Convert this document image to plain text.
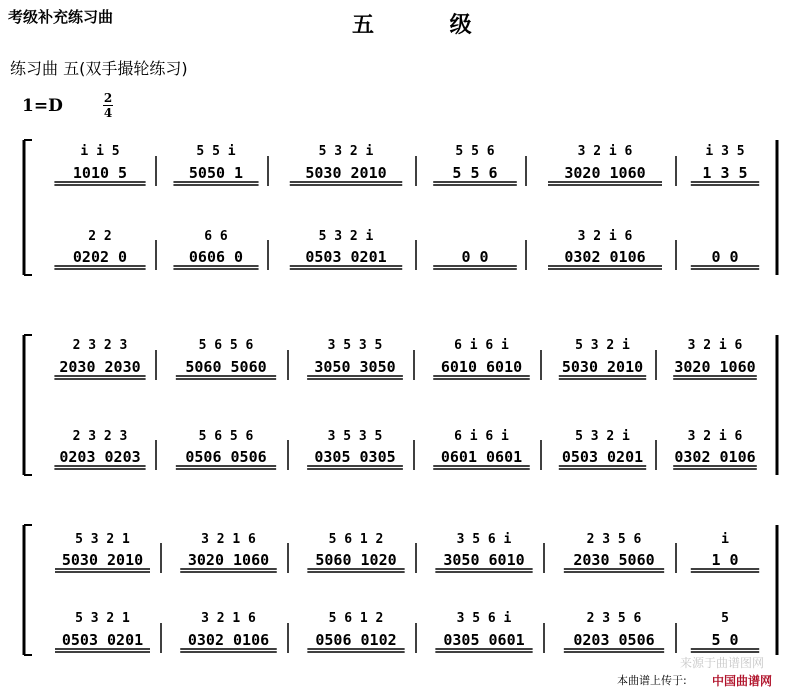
考级补充练习曲	五 级
练习曲 五(双手撮轮练习)
1=D	2
4
i i 5
1010 5
2 2
0202 0
5 5 i
5050 1
6 6
0606 0
5 3 2 i
5030 2010
5 3 2 i
0503 0201
5 5 6
5 5 6
0 0
3 2 i 6
3020 1060
3 2 i 6
0302 0106
i 3 5
1 3 5
0 0
2 3 2 3
2030 2030
2 3 2 3
0203 0203
5 6 5 6
5060 5060
5 6 5 6
0506 0506
3 5 3 5
3050 3050
3 5 3 5
0305 0305
6 i 6 i
6010 6010
6 i 6 i
0601 0601
5 3 2 i
5030 2010
5 3 2 i
0503 0201
3 2 i 6
3020 1060
3 2 i 6
0302 0106
5 3 2 1
5030 2010
5 3 2 1
0503 0201
3 2 1 6
3020 1060
3 2 1 6
0302 0106
5 6 1 2
5060 1020
5 6 1 2
0506 0102
3 5 6 i
3050 6010
3 5 6 i
0305 0601
2 3 5 6
2030 5060
2 3 5 6
0203 0506
i
1 0
5
5 0
来源于曲谱图网
本曲谱上传于: 中国曲谱网
